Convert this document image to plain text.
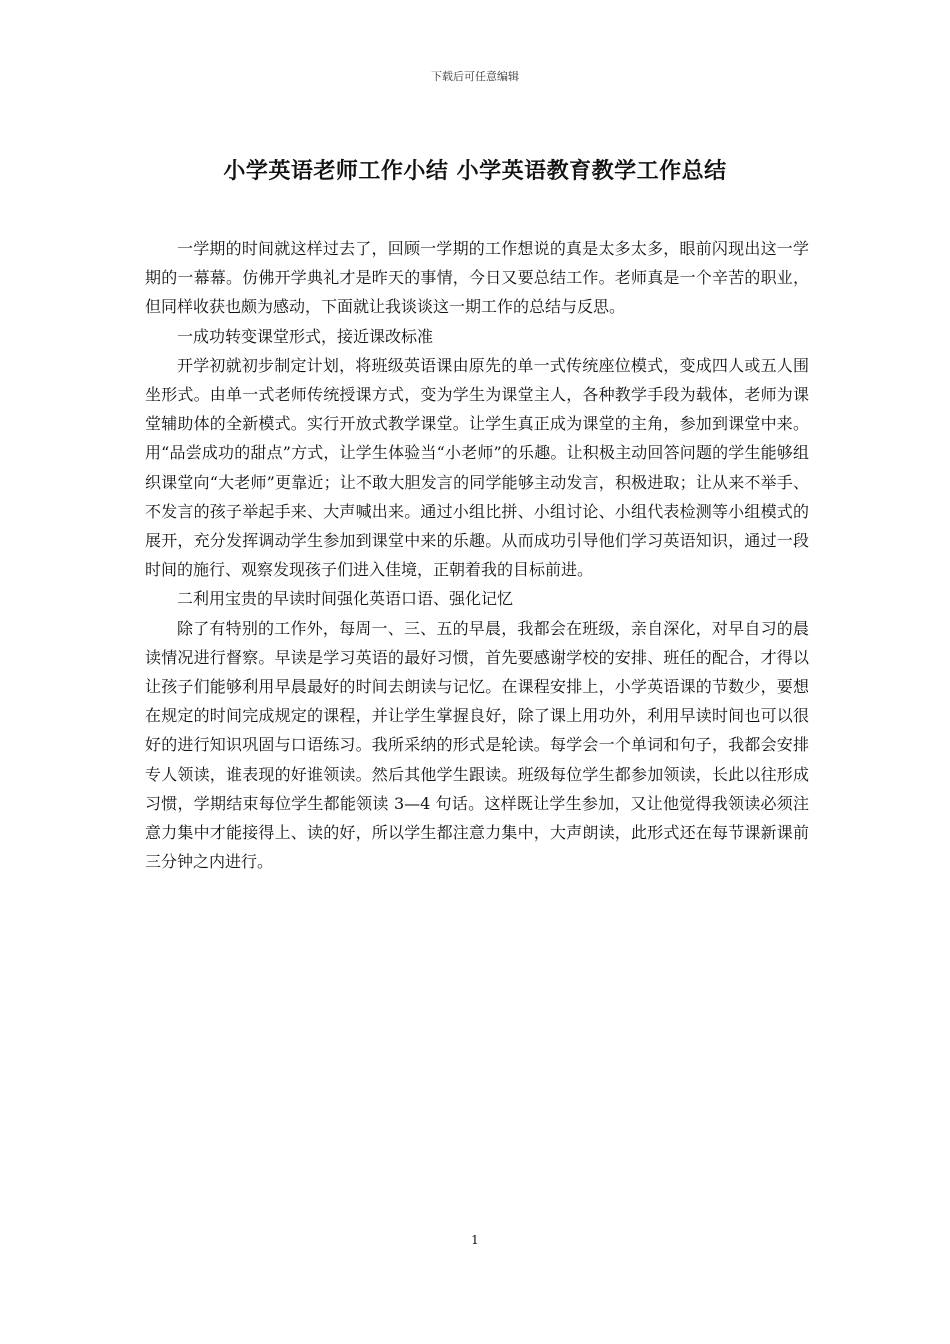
下载后可任意编辑
小学英语老师工作小结 小学英语教育教学工作总结

一学期的时间就这样过去了，回顾一学期的工作想说的真是太多太多，眼前闪现出这一学期的一幕幕。仿佛开学典礼才是昨天的事情，今日又要总结工作。老师真是一个辛苦的职业，但同样收获也颇为感动，下面就让我谈谈这一期工作的总结与反思。

一成功转变课堂形式，接近课改标准

开学初就初步制定计划，将班级英语课由原先的单一式传统座位模式，变成四人或五人围坐形式。由单一式老师传统授课方式，变为学生为课堂主人，各种教学手段为载体，老师为课堂辅助体的全新模式。实行开放式教学课堂。让学生真正成为课堂的主角，参加到课堂中来。用“品尝成功的甜点”方式，让学生体验当“小老师”的乐趣。让积极主动回答问题的学生能够组织课堂向“大老师”更靠近；让不敢大胆发言的同学能够主动发言，积极进取；让从来不举手、不发言的孩子举起手来、大声喊出来。通过小组比拼、小组讨论、小组代表检测等小组模式的展开，充分发挥调动学生参加到课堂中来的乐趣。从而成功引导他们学习英语知识，通过一段时间的施行、观察发现孩子们进入佳境，正朝着我的目标前进。

二利用宝贵的早读时间强化英语口语、强化记忆

除了有特别的工作外，每周一、三、五的早晨，我都会在班级，亲自深化，对早自习的晨读情况进行督察。早读是学习英语的最好习惯，首先要感谢学校的安排、班任的配合，才得以让孩子们能够利用早晨最好的时间去朗读与记忆。在课程安排上，小学英语课的节数少，要想在规定的时间完成规定的课程，并让学生掌握良好，除了课上用功外，利用早读时间也可以很好的进行知识巩固与口语练习。我所采纳的形式是轮读。每学会一个单词和句子，我都会安排专人领读，谁表现的好谁领读。然后其他学生跟读。班级每位学生都参加领读，长此以往形成习惯，学期结束每位学生都能领读 3—4 句话。这样既让学生参加，又让他觉得我领读必须注意力集中才能接得上、读的好，所以学生都注意力集中，大声朗读，此形式还在每节课新课前三分钟之内进行。

1
